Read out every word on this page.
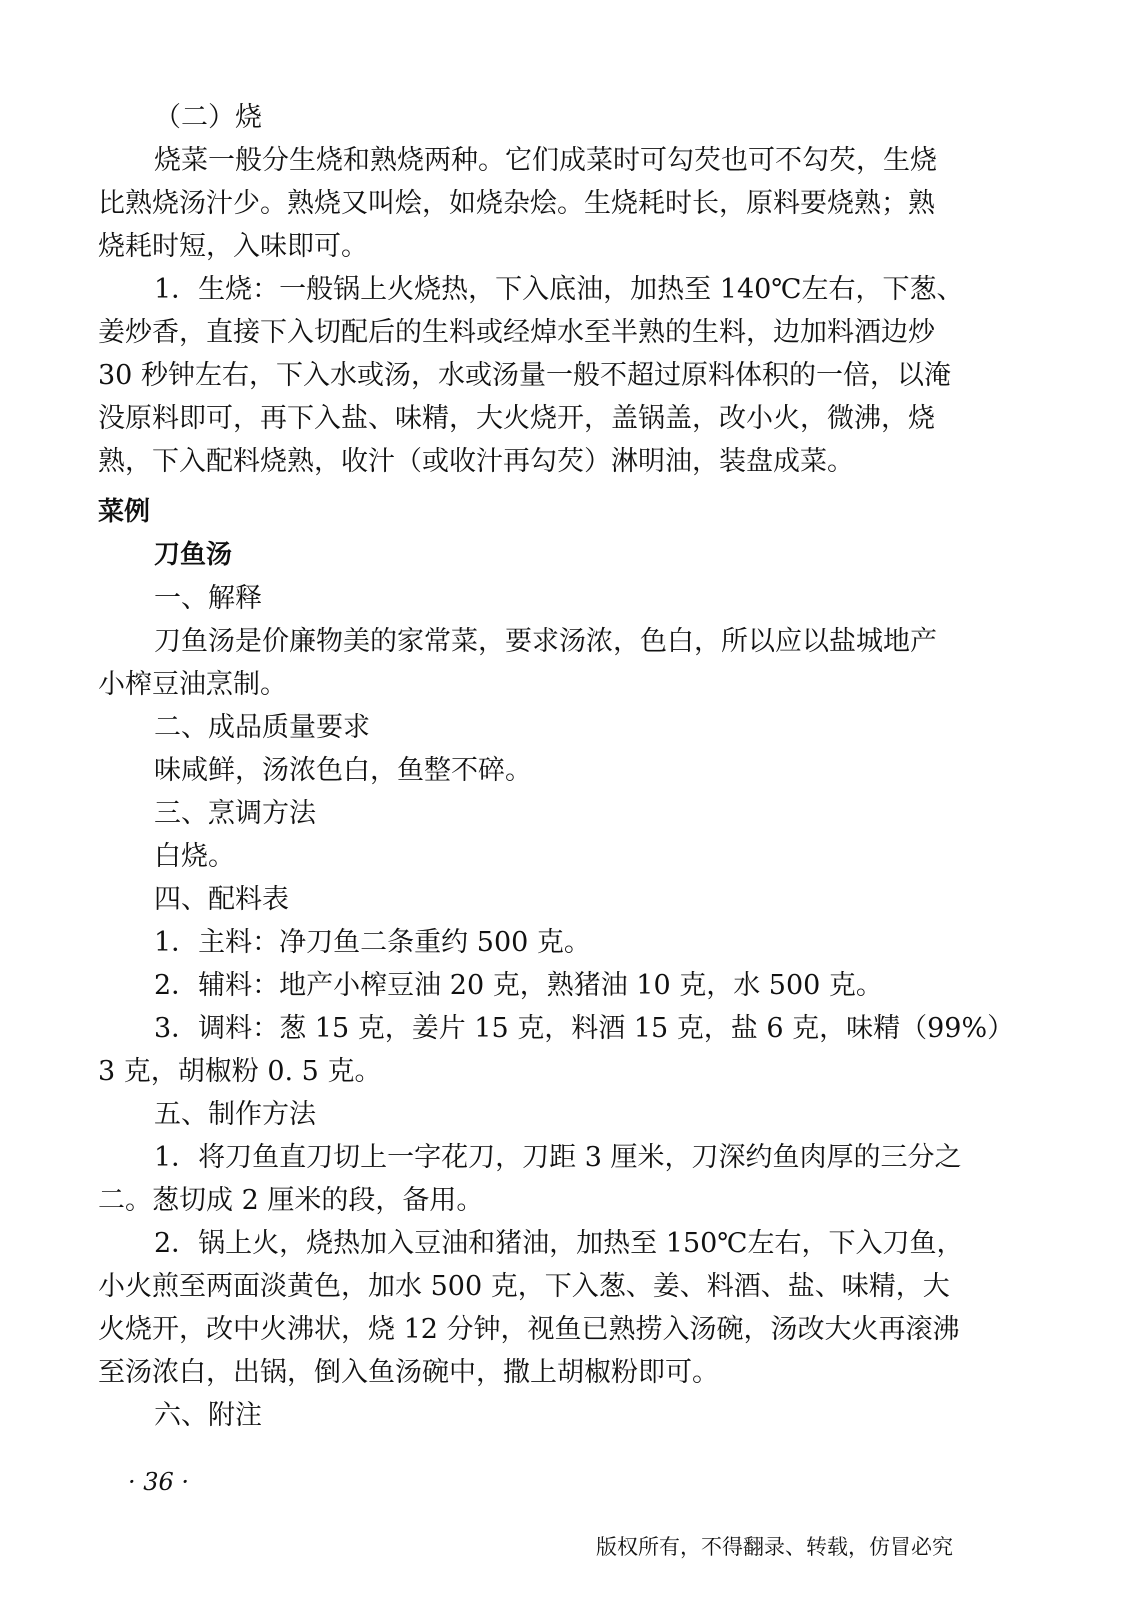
（二）烧

烧菜一般分生烧和熟烧两种。它们成菜时可勾芡也可不勾芡，生烧

比熟烧汤汁少。熟烧又叫烩，如烧杂烩。生烧耗时长，原料要烧熟；熟

烧耗时短，入味即可。

1．生烧：一般锅上火烧热，下入底油，加热至 140℃左右，下葱、

姜炒香，直接下入切配后的生料或经焯水至半熟的生料，边加料酒边炒

30 秒钟左右，下入水或汤，水或汤量一般不超过原料体积的一倍，以淹

没原料即可，再下入盐、味精，大火烧开，盖锅盖，改小火，微沸，烧

熟，下入配料烧熟，收汁（或收汁再勾芡）淋明油，装盘成菜。

菜例

刀鱼汤

一、解释

刀鱼汤是价廉物美的家常菜，要求汤浓，色白，所以应以盐城地产

小榨豆油烹制。

二、成品质量要求

味咸鲜，汤浓色白，鱼整不碎。

三、烹调方法

白烧。

四、配料表

1．主料：净刀鱼二条重约 500 克。

2．辅料：地产小榨豆油 20 克，熟猪油 10 克，水 500 克。

3．调料：葱 15 克，姜片 15 克，料酒 15 克，盐 6 克，味精（99%）

3 克，胡椒粉 0. 5 克。

五、制作方法

1．将刀鱼直刀切上一字花刀，刀距 3 厘米，刀深约鱼肉厚的三分之

二。葱切成 2 厘米的段，备用。

2．锅上火，烧热加入豆油和猪油，加热至 150℃左右，下入刀鱼，

小火煎至两面淡黄色，加水 500 克，下入葱、姜、料酒、盐、味精，大

火烧开，改中火沸状，烧 12 分钟，视鱼已熟捞入汤碗，汤改大火再滚沸

至汤浓白，出锅，倒入鱼汤碗中，撒上胡椒粉即可。

六、附注

· 36 ·
版权所有，不得翻录、转载，仿冒必究
